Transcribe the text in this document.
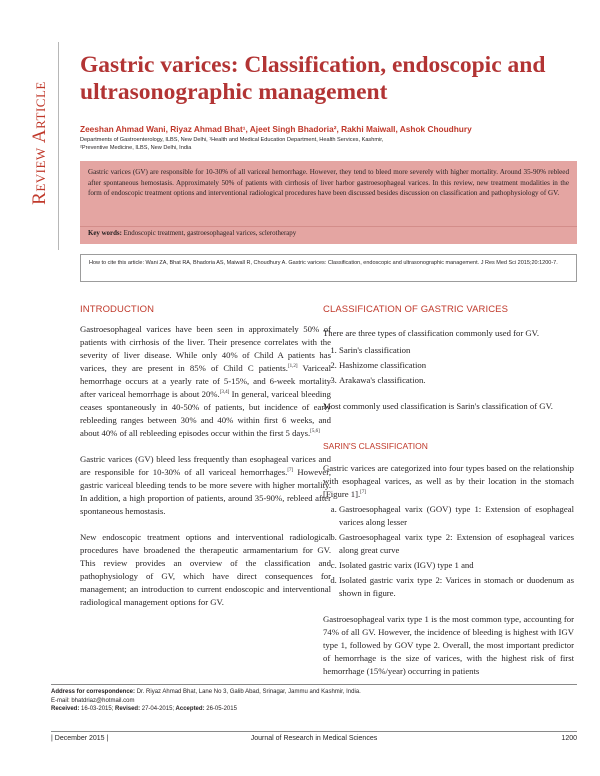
Review Article
Gastric varices: Classification, endoscopic and ultrasonographic management
Zeeshan Ahmad Wani, Riyaz Ahmad Bhat¹, Ajeet Singh Bhadoria², Rakhi Maiwall, Ashok Choudhury
Departments of Gastroenterology, ILBS, New Delhi, ¹Health and Medical Education Department, Health Services, Kashmir,
²Preventive Medicine, ILBS, New Delhi, India

Gastric varices (GV) are responsible for 10-30% of all variceal hemorrhage. However, they tend to bleed more severely with higher mortality. Around 35-90% rebleed after spontaneous hemostasis. Approximately 50% of patients with cirrhosis of liver harbor gastroesophageal varices. In this review, new treatment modalities in the form of endoscopic treatment options and interventional radiological procedures have been discussed besides discussion on classification and pathophysiology of GV.

Key words: Endoscopic treatment, gastroesophageal varices, sclerotherapy
How to cite this article: Wani ZA, Bhat RA, Bhadoria AS, Maiwall R, Choudhury A. Gastric varices: Classification, endoscopic and ultrasonographic management. J Res Med Sci 2015;20:1200-7.
INTRODUCTION

Gastroesophageal varices have been seen in approximately 50% of patients with cirrhosis of the liver. Their presence correlates with the severity of liver disease. While only 40% of Child A patients has varices, they are present in 85% of Child C patients.[1,2] Variceal hemorrhage occurs at a yearly rate of 5-15%, and 6-week mortality after variceal hemorrhage is about 20%.[3,4] In general, variceal bleeding ceases spontaneously in 40-50% of patients, but incidence of early rebleeding ranges between 30% and 40% within first 6 weeks, and about 40% of all rebleeding episodes occur within the first 5 days.[5,6]

Gastric varices (GV) bleed less frequently than esophageal varices and are responsible for 10-30% of all variceal hemorrhages.[7] However, gastric variceal bleeding tends to be more severe with higher mortality. In addition, a high proportion of patients, around 35-90%, rebleed after spontaneous hemostasis.

New endoscopic treatment options and interventional radiological procedures have broadened the therapeutic armamentarium for GV. This review provides an overview of the classification and pathophysiology of GV, which have direct consequences for management; an introduction to current endoscopic and interventional radiological management options for GV.

CLASSIFICATION OF GASTRIC VARICES

There are three types of classification commonly used for GV.

1. Sarin's classification
2. Hashizome classification
3. Arakawa's classification.

Most commonly used classification is Sarin's classification of GV.

SARIN'S CLASSIFICATION

Gastric varices are categorized into four types based on the relationship with esophageal varices, as well as by their location in the stomach [Figure 1].[7]

a. Gastroesophageal varix (GOV) type 1: Extension of esophageal varices along lesser
b. Gastroesophageal varix type 2: Extension of esophageal varices along great curve
c. Isolated gastric varix (IGV) type 1 and
d. Isolated gastric varix type 2: Varices in stomach or duodenum as shown in figure.

Gastroesophageal varix type 1 is the most common type, accounting for 74% of all GV. However, the incidence of bleeding is highest with IGV type 1, followed by GOV type 2. Overall, the most important predictor of hemorrhage is the size of varices, with the highest risk of first hemorrhage (15%/year) occurring in patients

Address for correspondence: Dr. Riyaz Ahmad Bhat, Lane No 3, Galib Abad, Srinagar, Jammu and Kashmir, India.
E-mail: bhatdriaz@hotmail.com
Received: 16-03-2015; Revised: 27-04-2015; Accepted: 26-05-2015
| December 2015 |	Journal of Research in Medical Sciences	1200
